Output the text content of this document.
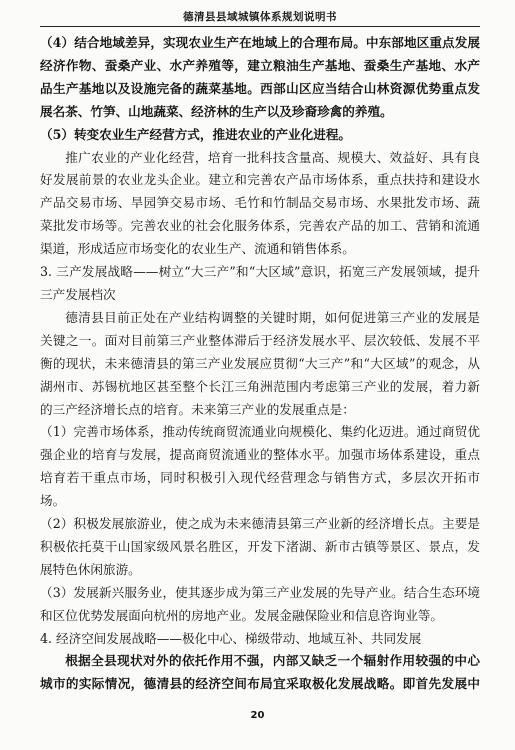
德清县县域城镇体系规划说明书

（4）结合地域差异，实现农业生产在地域上的合理布局。中东部地区重点发展经济作物、蚕桑产业、水产养殖等，建立粮油生产基地、蚕桑生产基地、水产品生产基地以及设施完备的蔬菜基地。西部山区应当结合山林资源优势重点发展名茶、竹笋、山地蔬菜、经济林的生产以及珍裔珍禽的养殖。

（5）转变农业生产经营方式，推进农业的产业化进程。

推广农业的产业化经营，培育一批科技含量高、规模大、效益好、具有良好发展前景的农业龙头企业。建立和完善农产品市场体系，重点扶持和建设水产品交易市场、旱园笋交易市场、毛竹和竹制品交易市场、水果批发市场、蔬菜批发市场等。完善农业的社会化服务体系，完善农产品的加工、营销和流通渠道，形成适应市场变化的农业生产、流通和销售体系。

3. 三产发展战略——树立“大三产”和“大区域”意识，拓宽三产发展领域，提升三产发展档次

德清县目前正处在产业结构调整的关键时期，如何促进第三产业的发展是关键之一。面对目前第三产业整体滞后于经济发展水平、层次较低、发展不平衡的现状，未来德清县的第三产业发展应贯彻“大三产”和“大区域”的观念，从湖州市、苏锡杭地区甚至整个长江三角洲范围内考虑第三产业的发展，着力新的三产经济增长点的培育。未来第三产业的发展重点是：

（1）完善市场体系，推动传统商贸流通业向规模化、集约化迈进。通过商贸优强企业的培育与发展，提高商贸流通业的整体水平。加强市场体系建设，重点培育若干重点市场，同时积极引入现代经营理念与销售方式，多层次开拓市场。

（2）积极发展旅游业，使之成为未来德清县第三产业新的经济增长点。主要是积极依托莫干山国家级风景名胜区，开发下渚湖、新市古镇等景区、景点，发展特色休闲旅游。

（3）发展新兴服务业，使其逐步成为第三产业发展的先导产业。结合生态环境和区位优势发展面向杭州的房地产业。发展金融保险业和信息咨询业等。

4. 经济空间发展战略——极化中心、梯级带动、地域互补、共同发展

根据全县现状对外的依托作用不强，内部又缺乏一个辐射作用较强的中心城市的实际情况，德清县的经济空间布局宜采取极化发展战略。即首先发展中

20
